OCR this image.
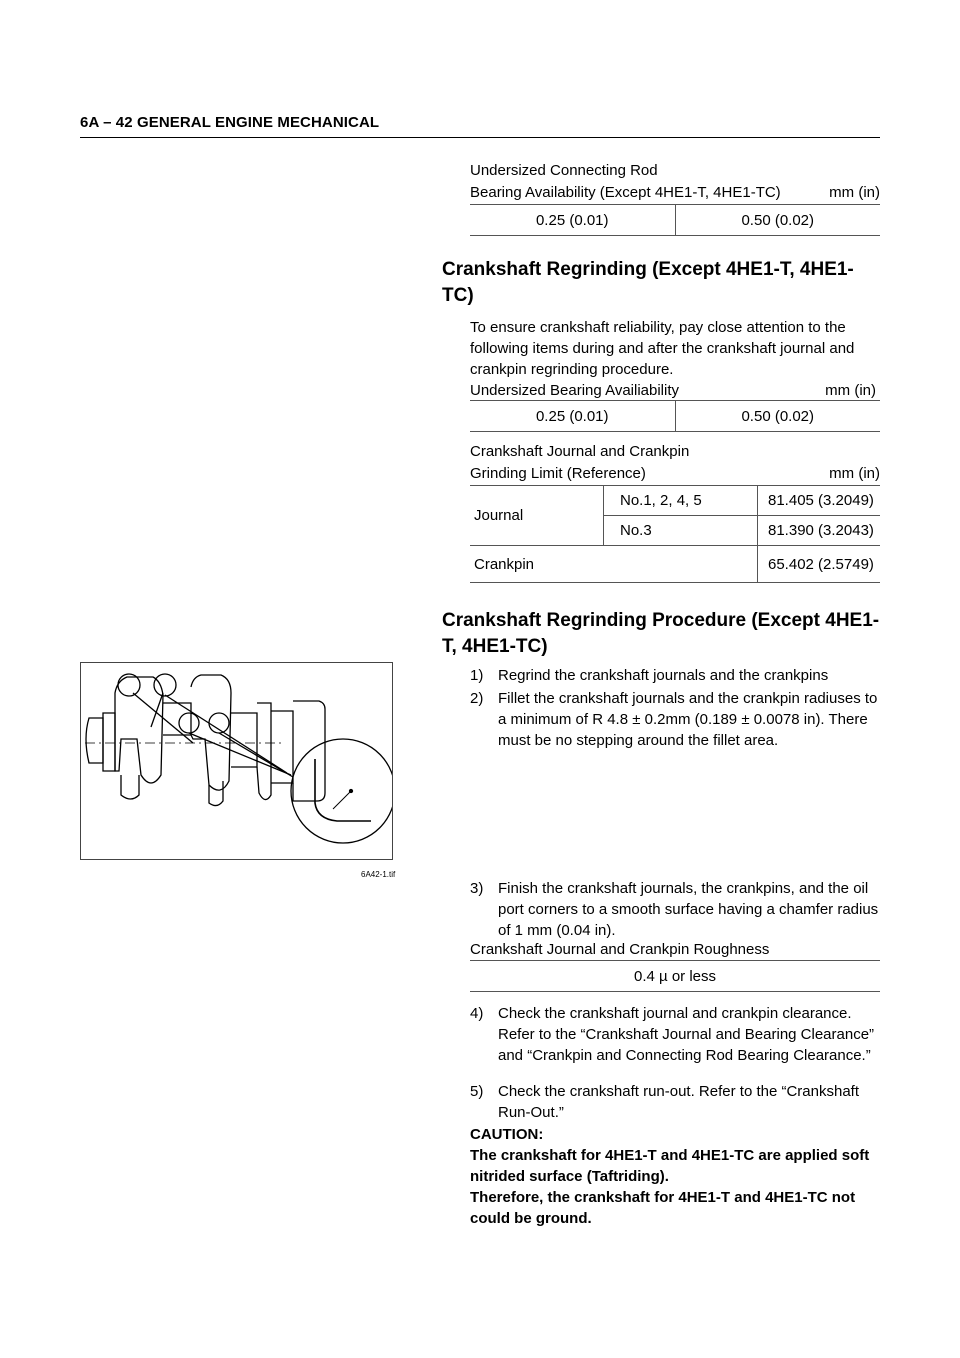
6A – 42 GENERAL ENGINE MECHANICAL
Undersized Connecting Rod
Bearing Availability (Except 4HE1-T, 4HE1-TC)	mm (in)
0.25 (0.01)	0.50 (0.02)
Crankshaft Regrinding (Except 4HE1-T, 4HE1-TC)
To ensure crankshaft reliability, pay close attention to the following items during and after the crankshaft journal and crankpin regrinding procedure.
Undersized Bearing Availiability	mm (in)
0.25 (0.01)	0.50 (0.02)
Crankshaft Journal and Crankpin
Grinding Limit (Reference)	mm (in)
Journal	No.1, 2, 4, 5	81.405 (3.2049)
	No.3	81.390 (3.2043)
Crankpin		65.402 (2.5749)
Crankshaft Regrinding Procedure (Except 4HE1-T, 4HE1-TC)
1) Regrind the crankshaft journals and the crankpins
2) Fillet the crankshaft journals and the crankpin radiuses to a minimum of R 4.8 ± 0.2mm (0.189 ± 0.0078 in). There must be no stepping around the fillet area.
3) Finish the crankshaft journals, the crankpins, and the oil port corners to a smooth surface having a chamfer radius of 1 mm (0.04 in).
Crankshaft Journal and Crankpin Roughness
0.4 µ or less
4) Check the crankshaft journal and crankpin clearance. Refer to the “Crankshaft Journal and Bearing Clearance” and “Crankpin and Connecting Rod Bearing Clearance.”
5) Check the crankshaft run-out. Refer to the “Crankshaft Run-Out.”
CAUTION:
The crankshaft for 4HE1-T and 4HE1-TC are applied soft nitrided surface (Taftriding).
Therefore, the crankshaft for 4HE1-T and 4HE1-TC not could be ground.
6A42-1.tif
